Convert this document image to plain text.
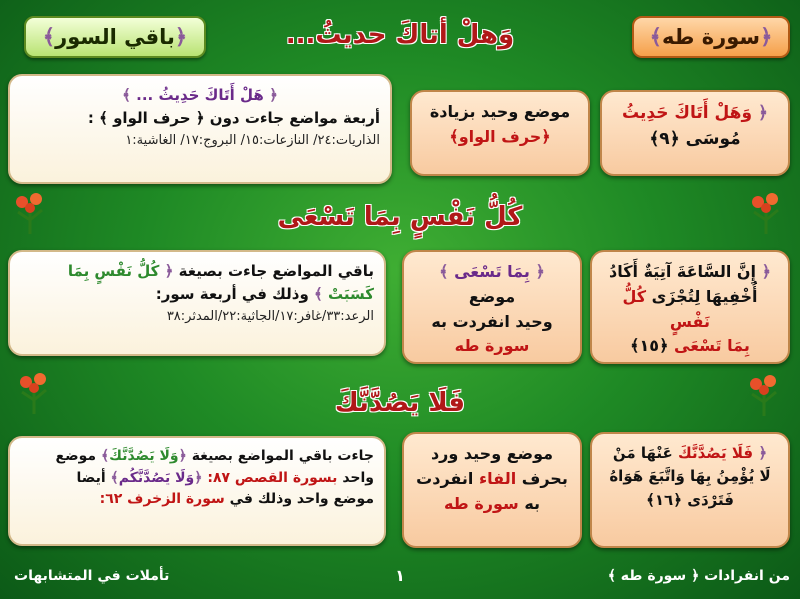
﴿
سورة طه
﴾
وَهلْ أتاكَ حديثُ...
﴿
باقي السور
﴾
﴿ وَهَلْ أَتَاكَ حَدِيثُ
مُوسَى ﴿٩﴾
موضع وحيد بزيادة
﴿حرف الواو﴾
﴿ هَلْ أَتَاكَ حَدِيثُ ... ﴾
أربعة مواضع جاءت دون ﴿ حرف الواو ﴾ :
الذاريات:٢٤/ النازعات:١٥/ البروج:١٧/ الغاشية:١
كُلُّ نَفْسٍ بِمَا تَسْعَى
﴿ إِنَّ السَّاعَةَ آتِيَةٌ أَكَادُ
أُخْفِيهَا لِتُجْزَى كُلُّ نَفْسٍ
بِمَا تَسْعَى ﴿١٥﴾
﴿ بِمَا تَسْعَى ﴾ موضع
وحيد انفردت به
سورة طه
باقي المواضع جاءت بصيغة ﴿ كُلُّ نَفْسٍ بِمَا
كَسَبَتْ ﴾ وذلك في أربعة سور:
الرعد:٣٣/غافر:١٧/الجاثية:٢٢/المدثر:٣٨
فَلَا يَصُدَّنَّكَ
﴿ فَلَا يَصُدَّنَّكَ عَنْهَا مَنْ
لَا يُؤْمِنُ بِهَا وَاتَّبَعَ هَوَاهُ
فَتَرْدَى ﴿١٦﴾
موضع وحيد ورد
بحرف الفاء انفردت
به سورة طه
جاءت باقي المواضع بصيغة ﴿وَلَا يَصُدَّنَّكَ﴾ موضع
واحد بسورة القصص ٨٧: ﴿وَلَا يَصُدَّنَّكُم﴾ أيضا
موضع واحد وذلك في سورة الزخرف ٦٢:
من انفرادات ﴿ سورة طه ﴾
١
تأملات في المتشابهات
